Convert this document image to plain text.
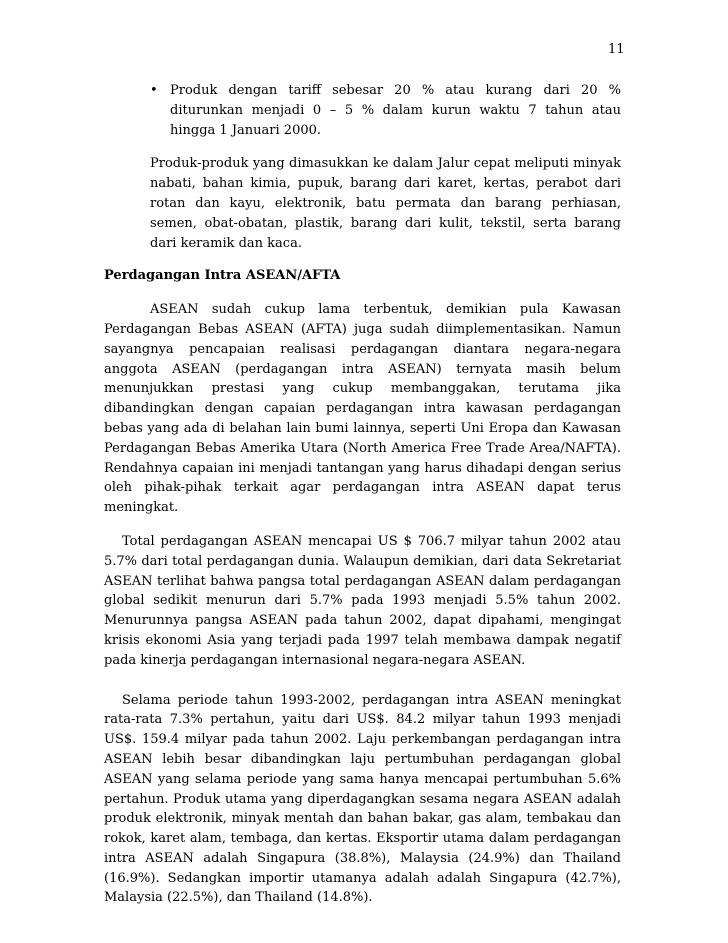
11
• Produk dengan tariff sebesar 20 % atau kurang dari 20 % diturunkan menjadi 0 – 5 % dalam kurun waktu 7 tahun atau hingga 1 Januari 2000.

Produk-produk yang dimasukkan ke dalam Jalur cepat meliputi minyak nabati, bahan kimia, pupuk, barang dari karet, kertas, perabot dari rotan dan kayu, elektronik, batu permata dan barang perhiasan, semen, obat-obatan, plastik, barang dari kulit, tekstil, serta barang dari keramik dan kaca.

Perdagangan Intra ASEAN/AFTA

ASEAN sudah cukup lama terbentuk, demikian pula Kawasan Perdagangan Bebas ASEAN (AFTA) juga sudah diimplementasikan. Namun sayangnya pencapaian realisasi perdagangan diantara negara-negara anggota ASEAN (perdagangan intra ASEAN) ternyata masih belum menunjukkan prestasi yang cukup membanggakan, terutama jika dibandingkan dengan capaian perdagangan intra kawasan perdagangan bebas yang ada di belahan lain bumi lainnya, seperti Uni Eropa dan Kawasan Perdagangan Bebas Amerika Utara (North America Free Trade Area/NAFTA). Rendahnya capaian ini menjadi tantangan yang harus dihadapi dengan serius oleh pihak-pihak terkait agar perdagangan intra ASEAN dapat terus meningkat.

Total perdagangan ASEAN mencapai US $ 706.7 milyar tahun 2002 atau 5.7% dari total perdagangan dunia. Walaupun demikian, dari data Sekretariat ASEAN terlihat bahwa pangsa total perdagangan ASEAN dalam perdagangan global sedikit menurun dari 5.7% pada 1993 menjadi 5.5% tahun 2002. Menurunnya pangsa ASEAN pada tahun 2002, dapat dipahami, mengingat krisis ekonomi Asia yang terjadi pada 1997 telah membawa dampak negatif pada kinerja perdagangan internasional negara-negara ASEAN.

Selama periode tahun 1993-2002, perdagangan intra ASEAN meningkat rata-rata 7.3% pertahun, yaitu dari US$. 84.2 milyar tahun 1993 menjadi US$. 159.4 milyar pada tahun 2002. Laju perkembangan perdagangan intra ASEAN lebih besar dibandingkan laju pertumbuhan perdagangan global ASEAN yang selama periode yang sama hanya mencapai pertumbuhan 5.6% pertahun. Produk utama yang diperdagangkan sesama negara ASEAN adalah produk elektronik, minyak mentah dan bahan bakar, gas alam, tembakau dan rokok, karet alam, tembaga, dan kertas. Eksportir utama dalam perdagangan intra ASEAN adalah Singapura (38.8%), Malaysia (24.9%) dan Thailand (16.9%). Sedangkan importir utamanya adalah adalah Singapura (42.7%), Malaysia (22.5%), dan Thailand (14.8%).
